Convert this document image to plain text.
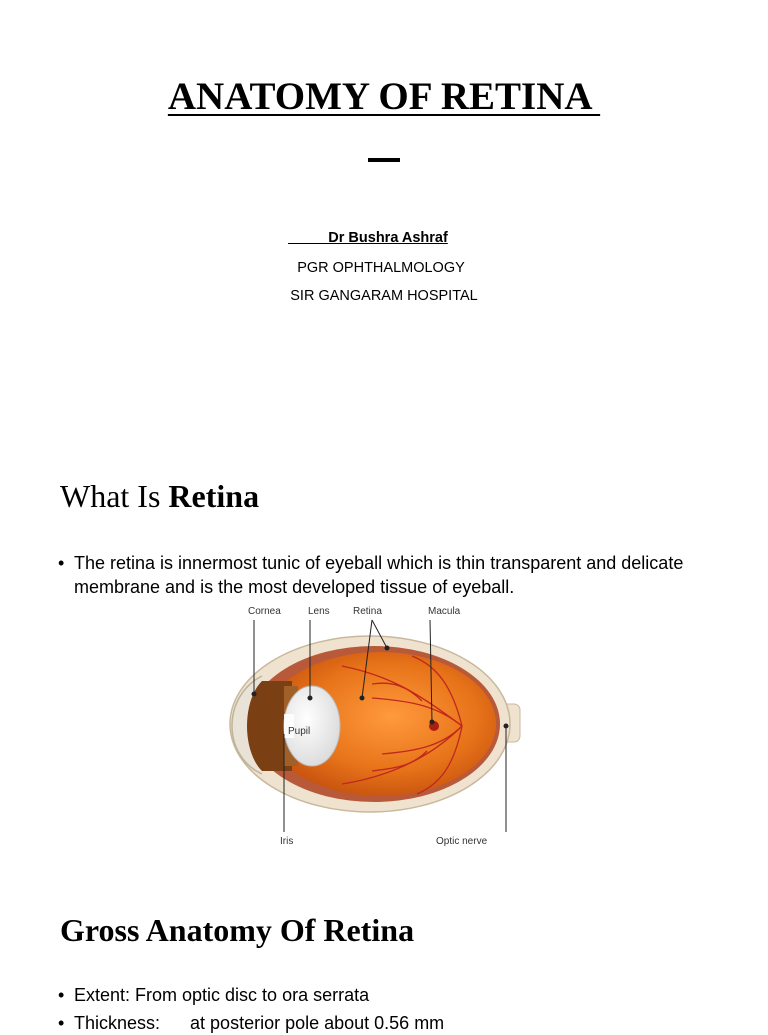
ANATOMY OF RETINA
Dr Bushra Ashraf
PGR OPHTHALMOLOGY
SIR GANGARAM HOSPITAL
What Is Retina
• The retina is innermost tunic of eyeball which is thin transparent and delicate membrane and is the most developed tissue of eyeball.
Cornea	Lens Retina	Macula
Pupil
Iris	Optic nerve
Gross Anatomy Of Retina
• Extent: From optic disc to ora serrata
• Thickness:      at posterior pole about 0.56 mm
